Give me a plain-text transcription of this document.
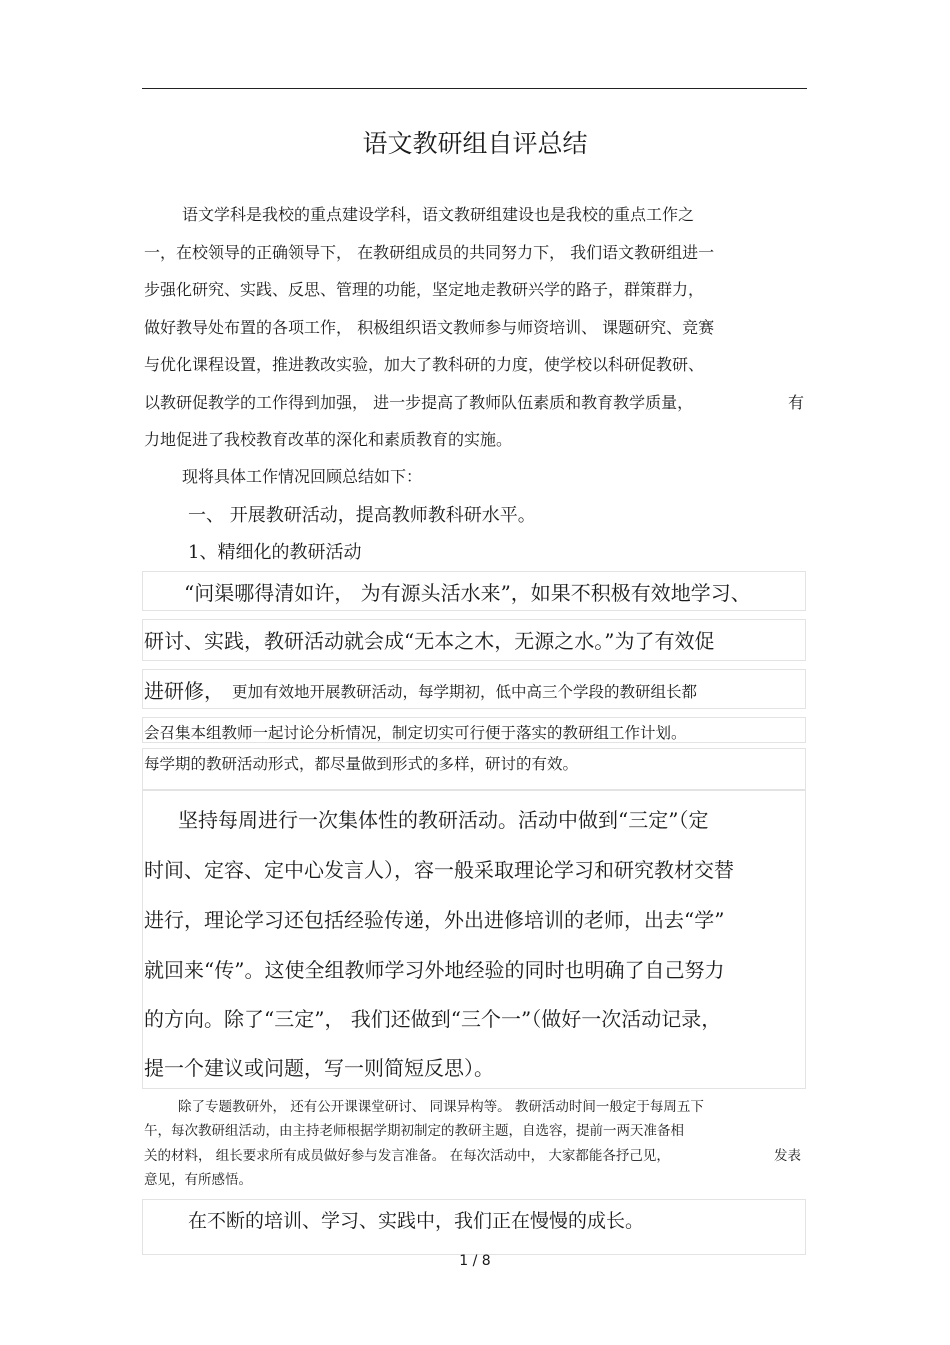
语文教研组自评总结
语文学科是我校的重点建设学科，语文教研组建设也是我校的重点工作之
一，在校领导的正确领导下， 在教研组成员的共同努力下， 我们语文教研组进一
步强化研究、实践、反思、管理的功能，坚定地走教研兴学的路子，群策群力，
做好教导处布置的各项工作， 积极组织语文教师参与师资培训、 课题研究、竞赛
与优化课程设置，推进教改实验，加大了教科研的力度，使学校以科研促教研、
以教研促教学的工作得到加强， 进一步提高了教师队伍素质和教育教学质量，	有
力地促进了我校教育改革的深化和素质教育的实施。
现将具体工作情况回顾总结如下：
一、 开展教研活动，提高教师教科研水平。
1、精细化的教研活动
“问渠哪得清如许， 为有源头活水来”，如果不积极有效地学习、
研讨、实践，教研活动就会成“无本之木，无源之水。”为了有效促
进研修， 更加有效地开展教研活动，每学期初，低中高三个学段的教研组长都
会召集本组教师一起讨论分析情况，制定切实可行便于落实的教研组工作计划。
每学期的教研活动形式，都尽量做到形式的多样，研讨的有效。
坚持每周进行一次集体性的教研活动。活动中做到“三定”（定
时间、定容、定中心发言人），容一般采取理论学习和研究教材交替
进行，理论学习还包括经验传递，外出进修培训的老师，出去“学”
就回来“传”。这使全组教师学习外地经验的同时也明确了自己努力
的方向。除了“三定”， 我们还做到“三个一”（做好一次活动记录，
提一个建议或问题，写一则简短反思）。
除了专题教研外， 还有公开课课堂研讨、 同课异构等。 教研活动时间一般定于每周五下
午，每次教研组活动，由主持老师根据学期初制定的教研主题，自选容，提前一两天准备相
关的材料， 组长要求所有成员做好参与发言准备。 在每次活动中， 大家都能各抒己见，	发表
意见，有所感悟。
在不断的培训、学习、实践中，我们正在慢慢的成长。
1 / 8
